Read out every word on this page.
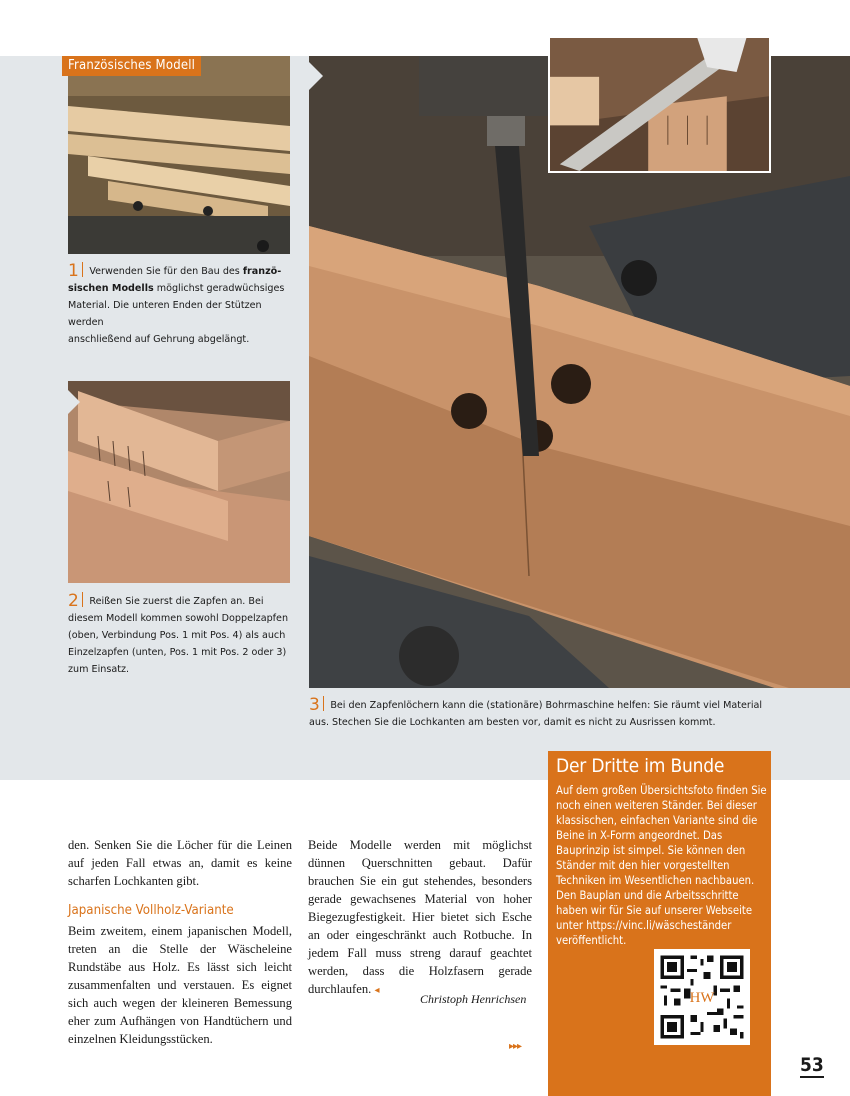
Französisches Modell
1 Verwenden Sie für den Bau des franzö-
sischen Modells möglichst geradwüchsiges
Material. Die unteren Enden der Stützen werden
anschließend auf Gehrung abgelängt.
2 Reißen Sie zuerst die Zapfen an. Bei
diesem Modell kommen sowohl Doppelzapfen
(oben, Verbindung Pos. 1 mit Pos. 4) als auch
Einzelzapfen (unten, Pos. 1 mit Pos. 2 oder 3)
zum Einsatz.
3 Bei den Zapfenlöchern kann die (stationäre) Bohrmaschine helfen: Sie räumt viel Material
aus. Stechen Sie die Lochkanten am besten vor, damit es nicht zu Ausrissen kommt.

den. Senken Sie die Löcher für die Leinen auf jeden Fall etwas an, damit es keine scharfen Lochkanten gibt.

Japanische Vollholz-Variante

Beim zweitem, einem japanischen Modell, treten an die Stelle der Wäscheleine Rundstäbe aus Holz. Es lässt sich leicht zusammenfalten und verstauen. Es eignet sich auch wegen der kleineren Bemessung eher zum Aufhängen von Handtüchern und einzelnen Kleidungsstücken.

Beide Modelle werden mit möglichst dünnen Querschnitten gebaut. Dafür brauchen Sie ein gut stehendes, besonders gerade gewachsenes Material von hoher Biegezugfestigkeit. Hier bietet sich Esche an oder eingeschränkt auch Rotbuche. In jedem Fall muss streng darauf geachtet werden, dass die Holzfasern gerade durchlaufen. ◂

Christoph Henrichsen
▸▸▸
Der Dritte im Bunde
Auf dem großen Übersichtsfoto finden Sie noch einen weiteren Ständer. Bei dieser klassischen, einfachen Variante sind die Beine in X-Form angeordnet. Das Bauprinzip ist simpel. Sie können den Ständer mit den hier vorgestellten Techniken im Wesentlichen nachbauen. Den Bauplan und die Arbeitsschritte haben wir für Sie auf unserer Webseite unter https://vinc.li/wäscheständer veröffentlicht.
HW
53
